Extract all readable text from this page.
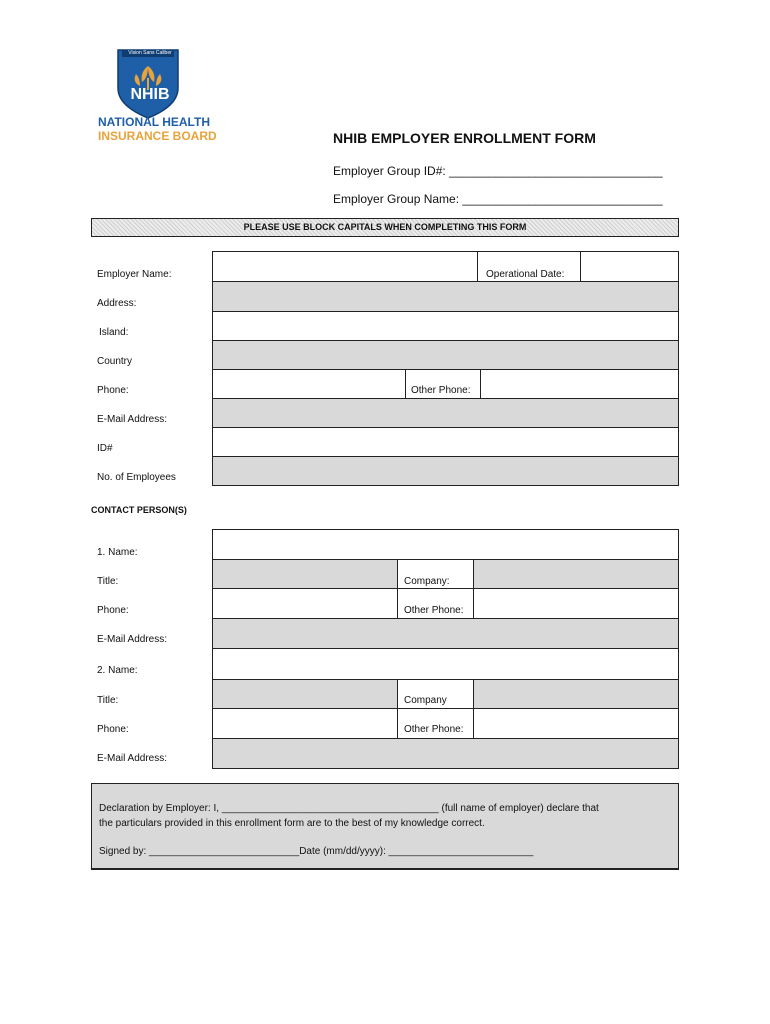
Vision Sans Caliber
NHIB
NATIONAL HEALTH
INSURANCE BOARD	NHIB EMPLOYER ENROLLMENT FORM
Employer Group ID#: ________________________________
Employer Group Name: ______________________________
PLEASE USE BLOCK CAPITALS WHEN COMPLETING THIS FORM
Employer Name:
Address:
Island:
Country
Phone:
E-Mail Address:
ID#
No. of Employees
Operational Date:
Other Phone:
CONTACT PERSON(S)
1. Name:
Title:
Phone:
E-Mail Address:
2. Name:
Title:
Phone:
E-Mail Address:
Company:
Other Phone:
Company
Other Phone:
Declaration by Employer: I, _______________________________________ (full name of employer) declare that
the particulars provided in this enrollment form are to the best of my knowledge correct.
Signed by: ___________________________Date (mm/dd/yyyy): __________________________
